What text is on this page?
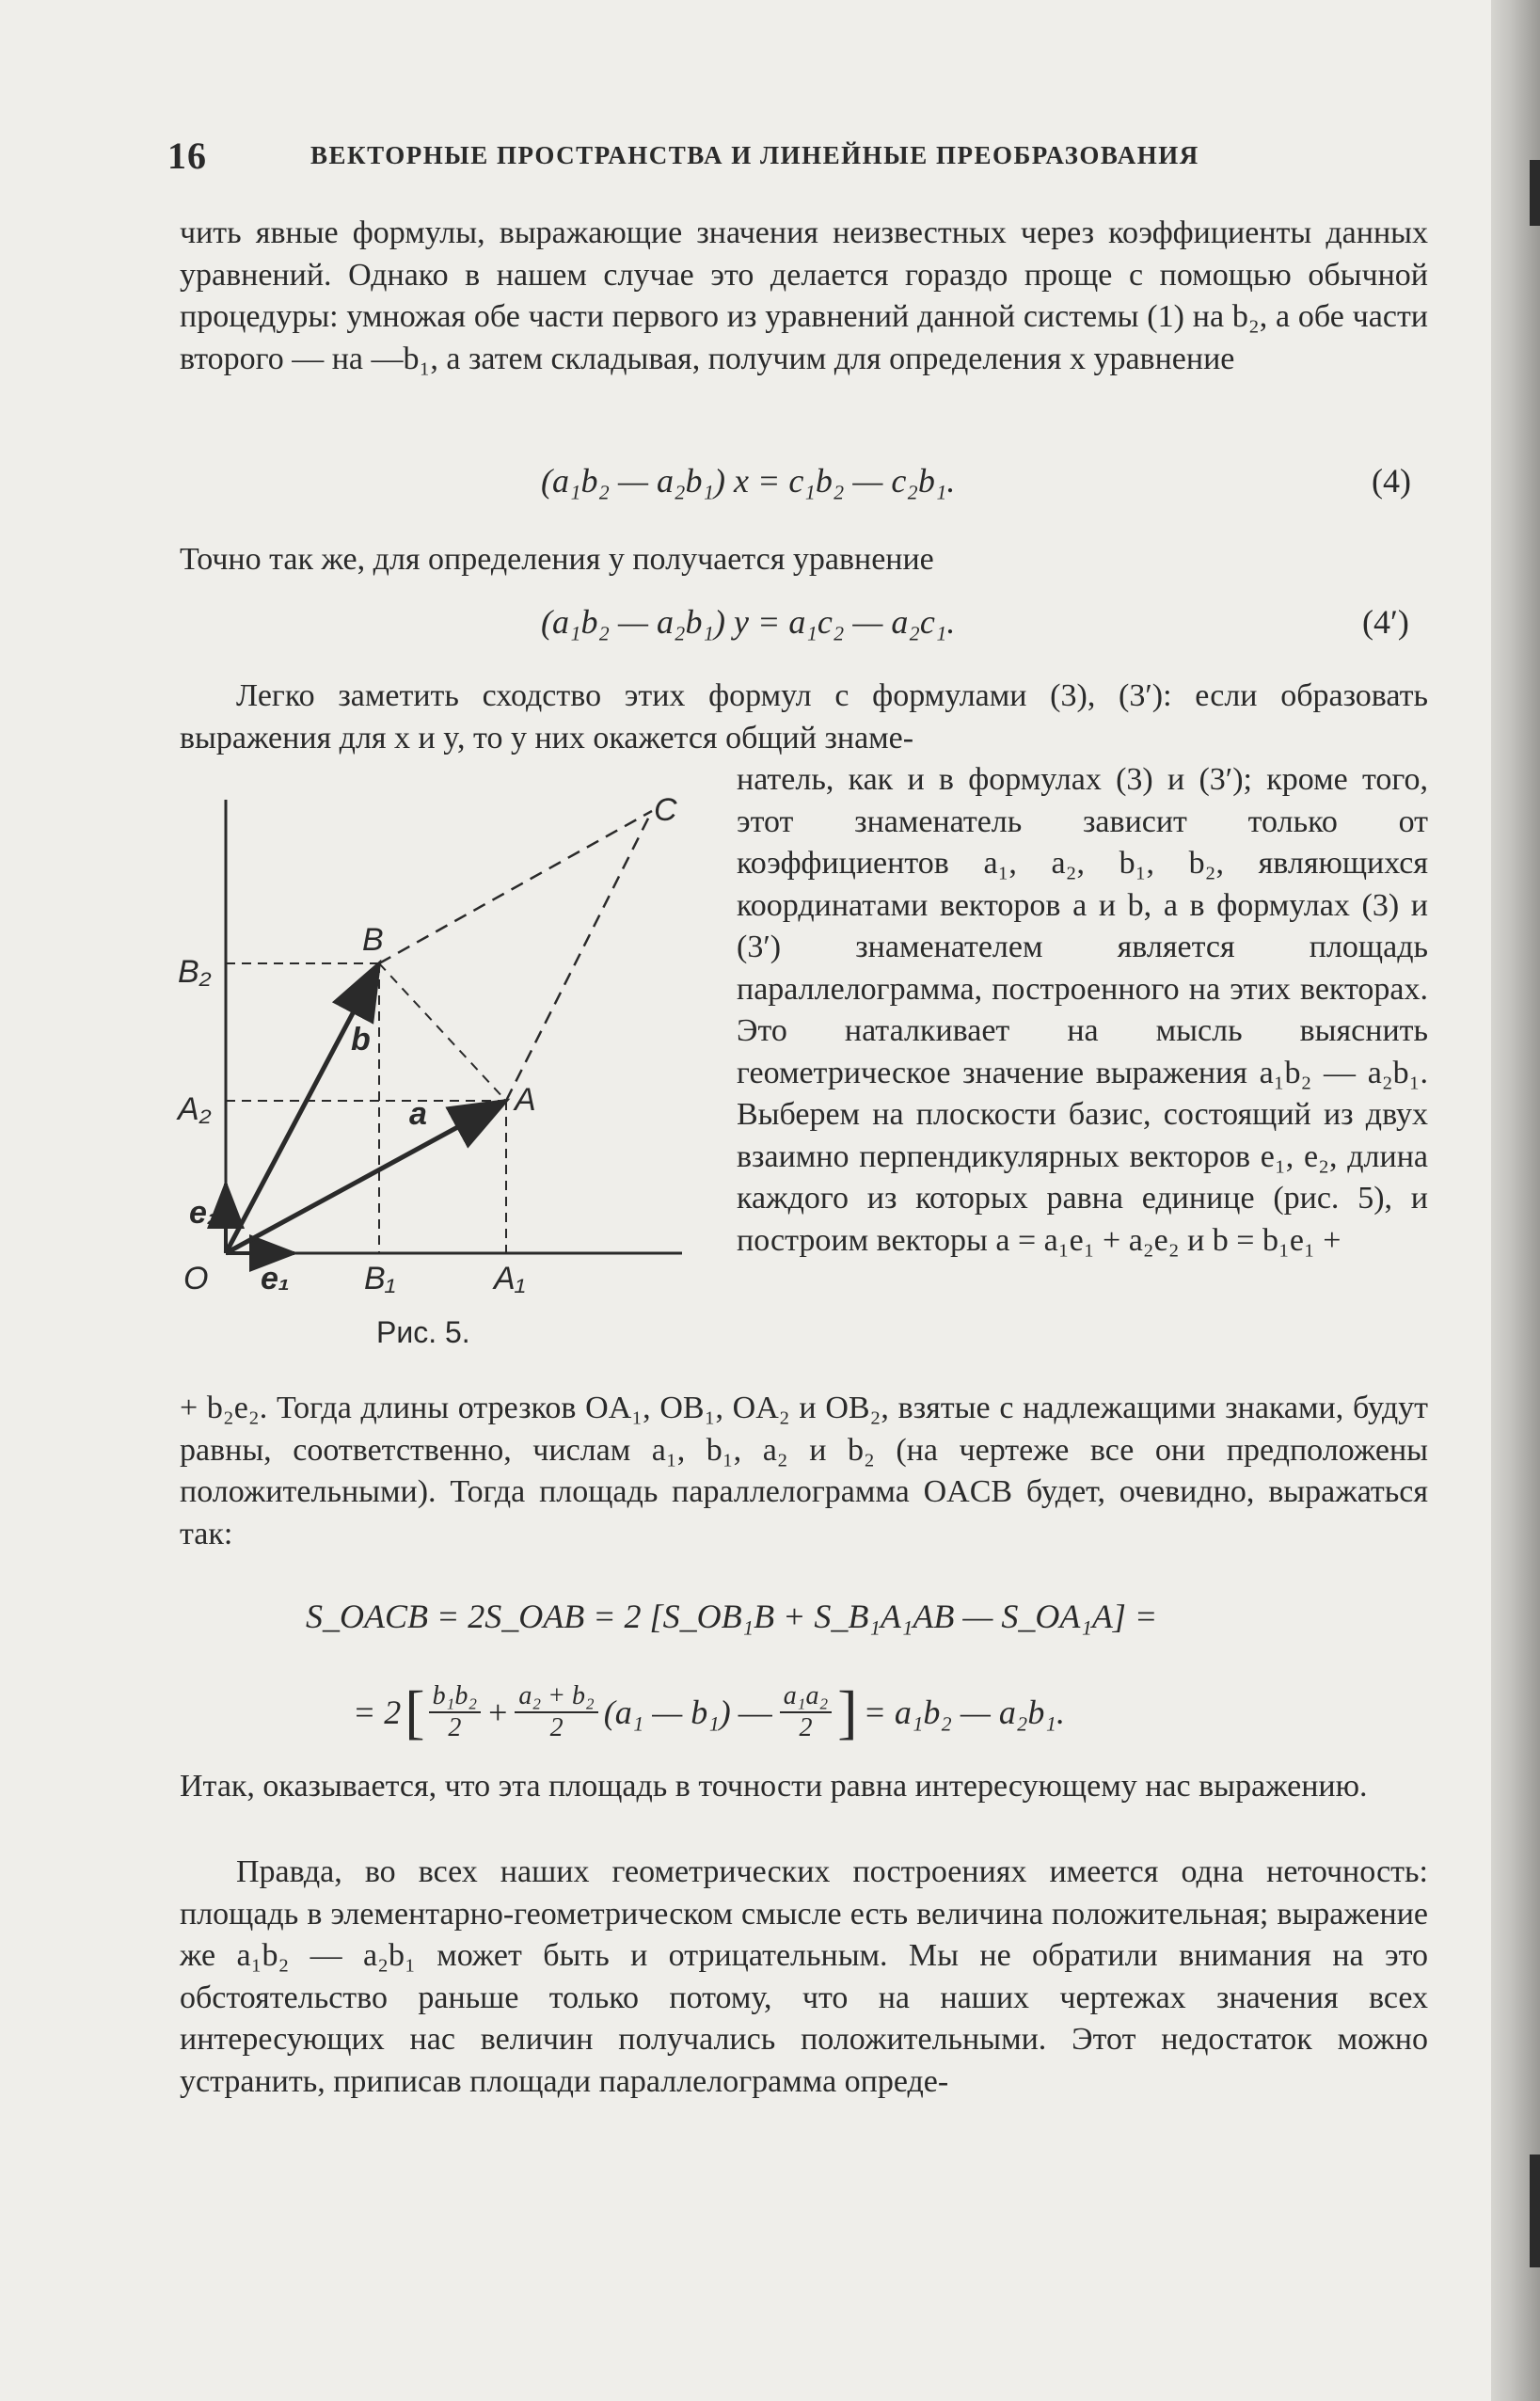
16	ВЕКТОРНЫЕ ПРОСТРАНСТВА И ЛИНЕЙНЫЕ ПРЕОБРАЗОВАНИЯ

чить явные формулы, выражающие значения неизвестных через коэффициенты данных уравнений. Однако в нашем случае это делается гораздо проще с помощью обычной процедуры: умножая обе части первого из уравнений данной системы (1) на b₂, а обе части второго — на —b₁, а затем складывая, получим для определения x уравнение

(a₁b₂ — a₂b₁) x = c₁b₂ — c₂b₁.	(4)

Точно так же, для определения y получается уравнение

(a₁b₂ — a₂b₁) y = a₁c₂ — a₂c₁.	(4′)

Легко заметить сходство этих формул с формулами (3), (3′): если образовать выражения для x и y, то у них окажется общий знаме-

натель, как и в формулах (3) и (3′); кроме того, этот знаменатель зависит только от коэффициентов a₁, a₂, b₁, b₂, являющихся координатами векторов a и b, а в формулах (3) и (3′) знаменателем является площадь параллелограмма, построенного на этих векторах. Это наталкивает на мысль выяснить геометрическое значение выражения a₁b₂ — a₂b₁. Выберем на плоскости базис, состоящий из двух взаимно перпендикулярных векторов e₁, e₂, длина каждого из которых равна единице (рис. 5), и построим векторы a = a₁e₁ + a₂e₂ и b = b₁e₁ +

C
B
A
B₂
A₂
O e₁
e₂
B₁	A₁
a
b
Рис. 5.

+ b₂e₂. Тогда длины отрезков OA₁, OB₁, OA₂ и OB₂, взятые с надлежащими знаками, будут равны, соответственно, числам a₁, b₁, a₂ и b₂ (на чертеже все они предположены положительными). Тогда площадь параллелограмма OACB будет, очевидно, выражаться так:

S_OACB = 2S_OAB = 2 [S_OB₁B + S_B₁A₁AB — S_OA₁A] =
= 2 [ $\frac{\text{b₁b₂}}{2} + \frac{\text{a₂ + b₂}}{2} (a_1$ — b₁) — $\frac{\text{a₁a₂}}{2}$ ] = a₁b₂ — a₂b₁.

Итак, оказывается, что эта площадь в точности равна интересующему нас выражению.

Правда, во всех наших геометрических построениях имеется одна неточность: площадь в элементарно-геометрическом смысле есть величина положительная; выражение же a₁b₂ — a₂b₁ может быть и отрицательным. Мы не обратили внимания на это обстоятельство раньше только потому, что на наших чертежах значения всех интересующих нас величин получались положительными. Этот недостаток можно устранить, приписав площади параллелограмма опреде-
